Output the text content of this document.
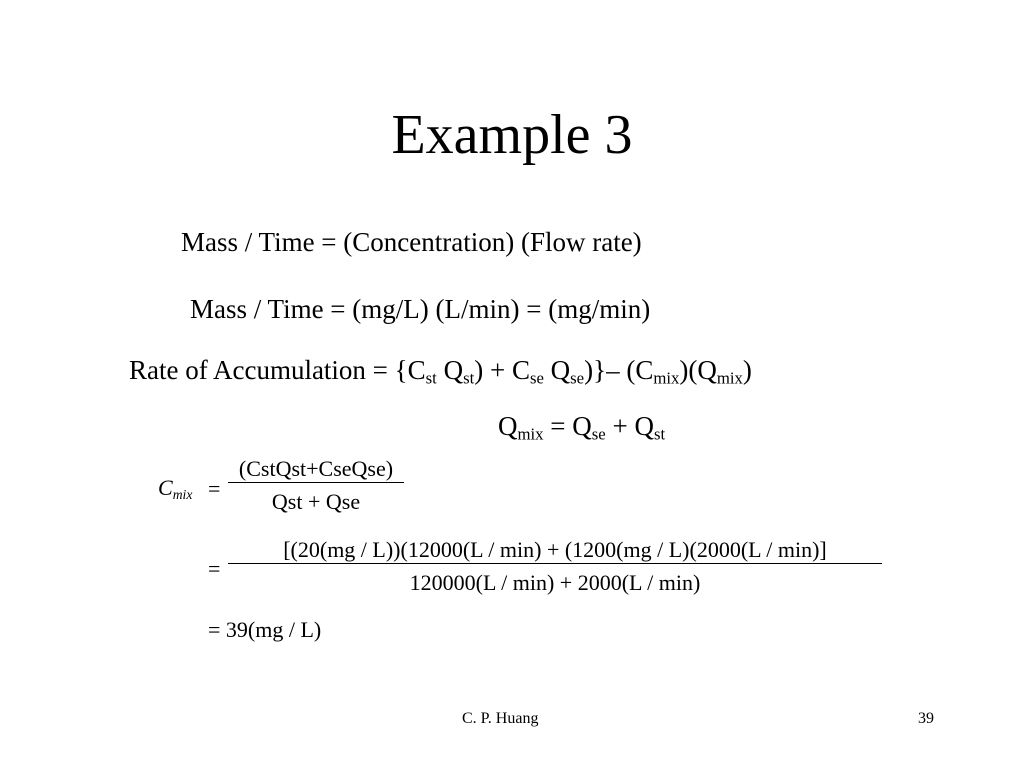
Example 3
Mass / Time = (Concentration) (Flow rate)
Mass / Time = (mg/L) (L/min) = (mg/min)
Rate of Accumulation = {$C_{st}$ $Q_{st}) + C_{se}$ $Q_{se})\}-$ $(C_{mix})(Q_{mix})$
$Q_{mix} = Q_{se} + Q_{st}$
$C_{mix}$ =
(CstQst+CseQse)
Qst + Qse
=
[(20(mg / L))(12000(L / min) + (1200(mg / L)(2000(L / min)]
120000(L / min) + 2000(L / min)
= 39(mg / L)
C. P. Huang	39
